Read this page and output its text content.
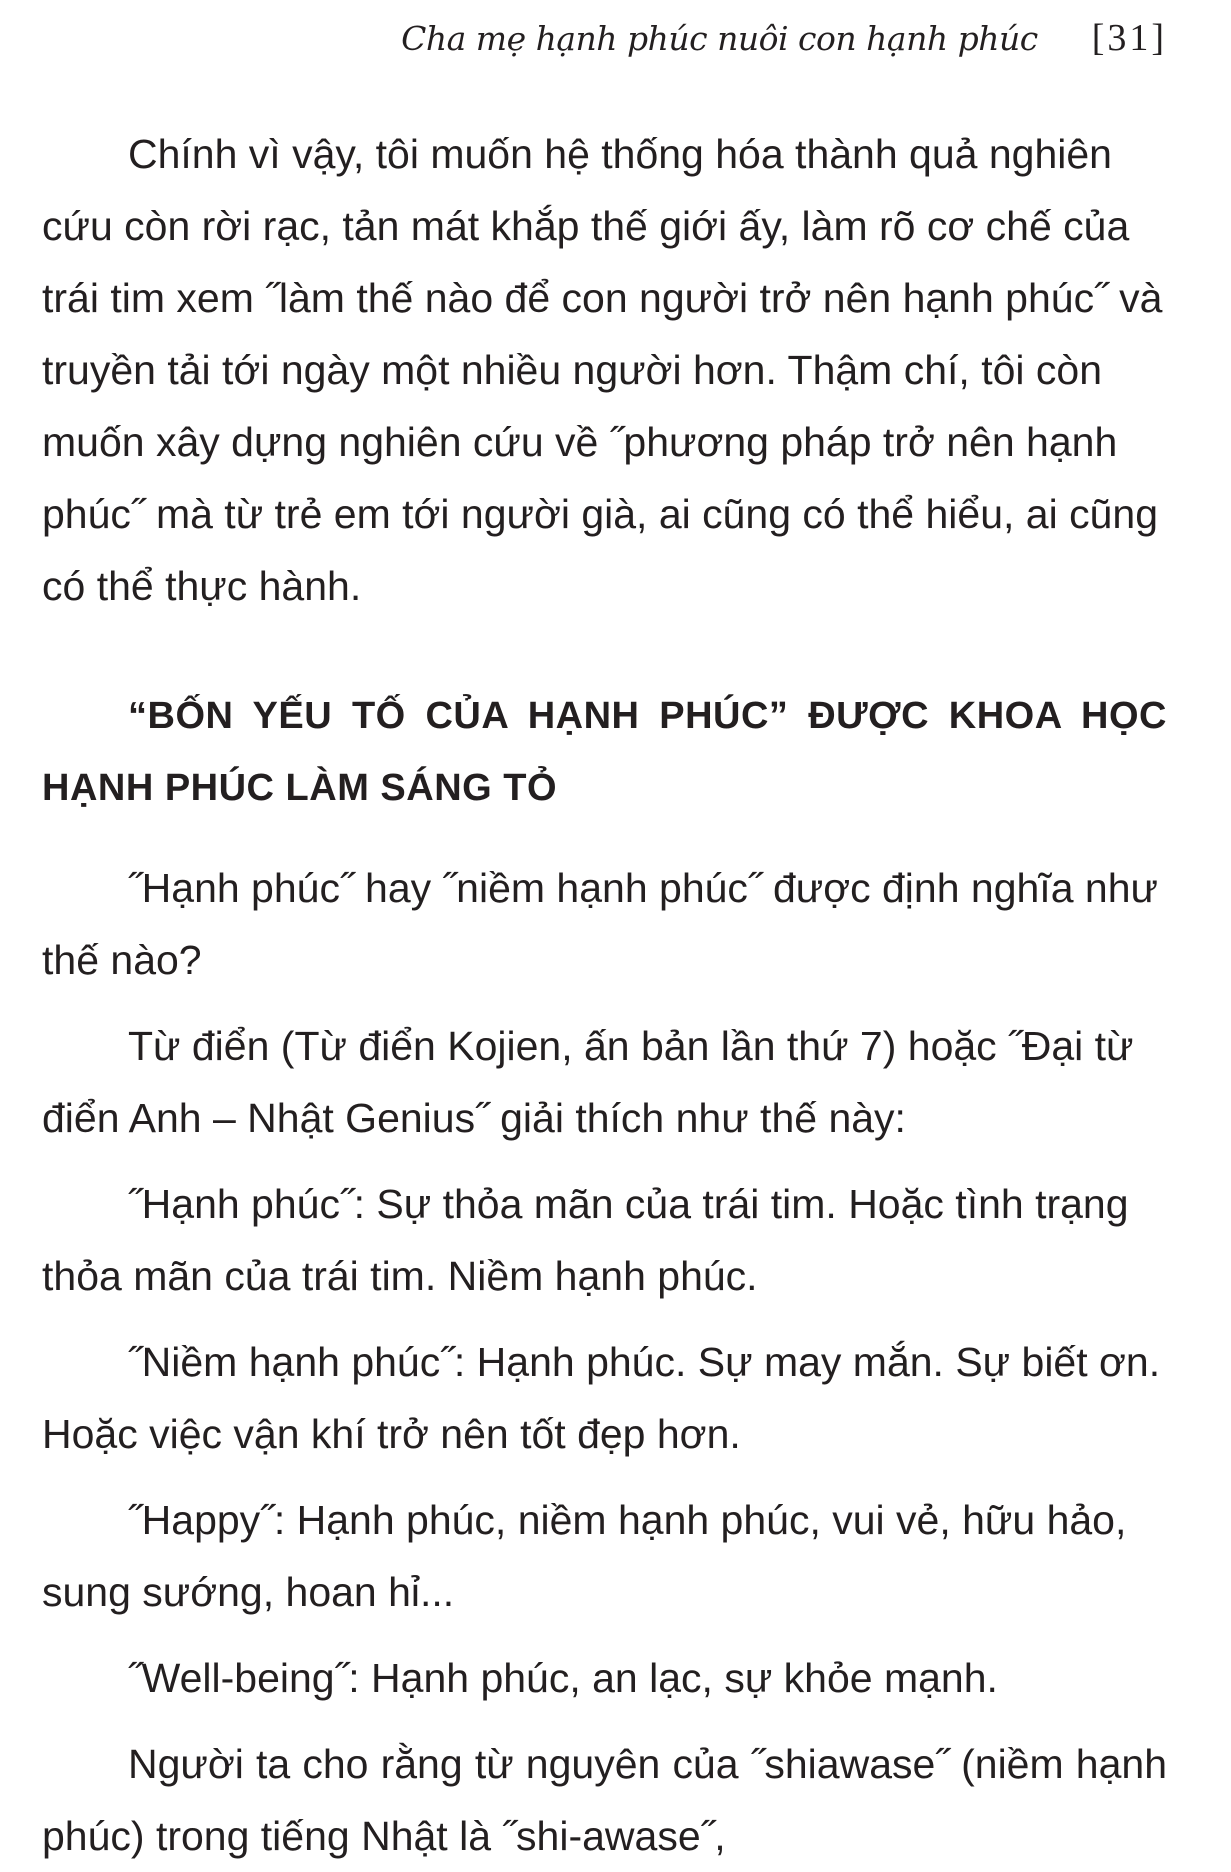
Cha mẹ hạnh phúc nuôi con hạnh phúc [31]

Chính vì vậy, tôi muốn hệ thống hóa thành quả nghiên cứu còn rời rạc, tản mát khắp thế giới ấy, làm rõ cơ chế của trái tim xem ˝làm thế nào để con người trở nên hạnh phúc˝ và truyền tải tới ngày một nhiều người hơn. Thậm chí, tôi còn muốn xây dựng nghiên cứu về ˝phương pháp trở nên hạnh phúc˝ mà từ trẻ em tới người già, ai cũng có thể hiểu, ai cũng có thể thực hành.

“BỐN YẾU TỐ CỦA HẠNH PHÚC” ĐƯỢC KHOA HỌC HẠNH PHÚC LÀM SÁNG TỎ

˝Hạnh phúc˝ hay ˝niềm hạnh phúc˝ được định nghĩa như thế nào?

Từ điển (Từ điển Kojien, ấn bản lần thứ 7) hoặc ˝Đại từ điển Anh – Nhật Genius˝ giải thích như thế này:

˝Hạnh phúc˝: Sự thỏa mãn của trái tim. Hoặc tình trạng thỏa mãn của trái tim. Niềm hạnh phúc.

˝Niềm hạnh phúc˝: Hạnh phúc. Sự may mắn. Sự biết ơn. Hoặc việc vận khí trở nên tốt đẹp hơn.

˝Happy˝: Hạnh phúc, niềm hạnh phúc, vui vẻ, hữu hảo, sung sướng, hoan hỉ...

˝Well-being˝: Hạnh phúc, an lạc, sự khỏe mạnh.

Người ta cho rằng từ nguyên của ˝shiawase˝ (niềm hạnh phúc) trong tiếng Nhật là ˝shi-awase˝,
